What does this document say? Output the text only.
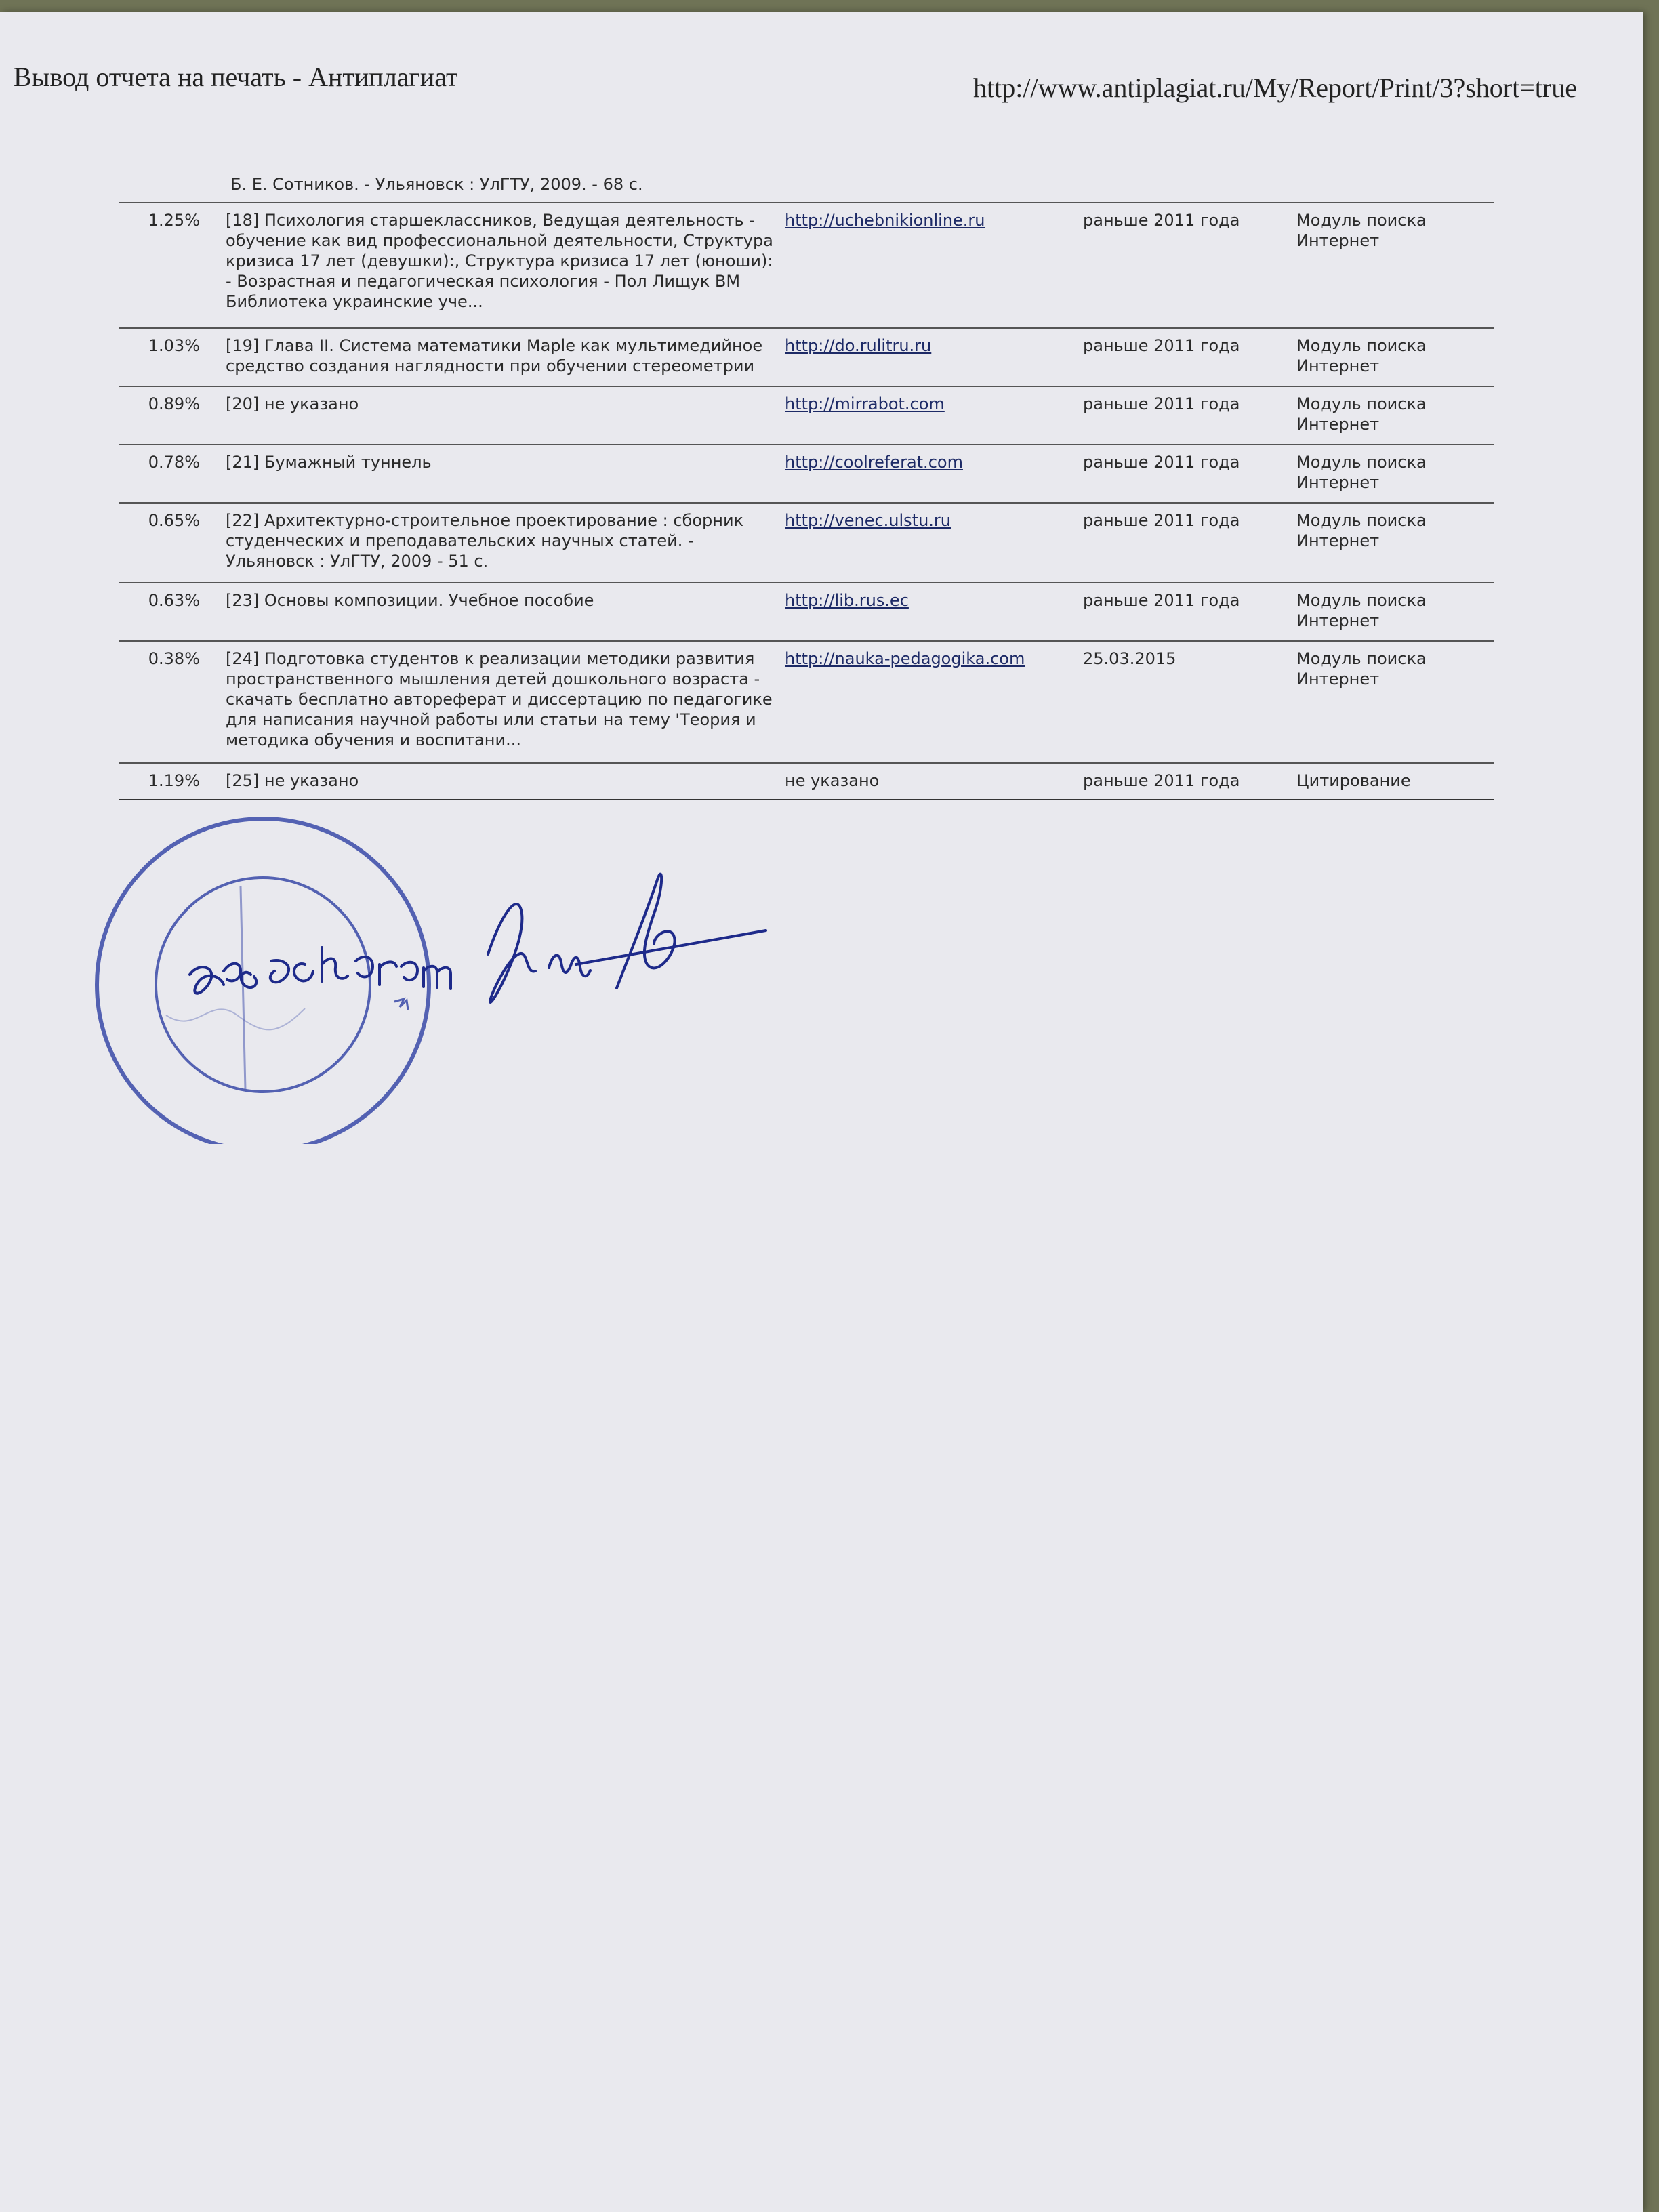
Вывод отчета на печать - Антиплагиат	http://www.antiplagiat.ru/My/Report/Print/3?short=true
Б. Е. Сотников. - Ульяновск : УлГТУ, 2009. - 68 с.
1.25%	[18] Психология старшеклассников, Ведущая деятельность - обучение как вид профессиональной деятельности, Структура кризиса 17 лет (девушки):, Структура кризиса 17 лет (юноши): - Возрастная и педагогическая психология - Пол Лищук ВМ Библиотека украинские уче...	http://uchebnikionline.ru	раньше 2011 года	Модуль поиска Интернет
1.03%	[19] Глава II. Система математики Maple как мультимедийное средство создания наглядности при обучении стереометрии	http://do.rulitru.ru	раньше 2011 года	Модуль поиска Интернет
0.89%	[20] не указано	http://mirrabot.com	раньше 2011 года	Модуль поиска Интернет
0.78%	[21] Бумажный туннель	http://coolreferat.com	раньше 2011 года	Модуль поиска Интернет
0.65%	[22] Архитектурно-строительное проектирование : сборник студенческих и преподавательских научных статей. - Ульяновск : УлГТУ, 2009 - 51 с.	http://venec.ulstu.ru	раньше 2011 года	Модуль поиска Интернет
0.63%	[23] Основы композиции. Учебное пособие	http://lib.rus.ec	раньше 2011 года	Модуль поиска Интернет
0.38%	[24] Подготовка студентов к реализации методики развития пространственного мышления детей дошкольного возраста - скачать бесплатно автореферат и диссертацию по педагогике для написания научной работы или статьи на тему 'Теория и методика обучения и воспитани...	http://nauka-pedagogika.com	25.03.2015	Модуль поиска Интернет
1.19%	[25] не указано	не указано	раньше 2011 года	Цитирование
